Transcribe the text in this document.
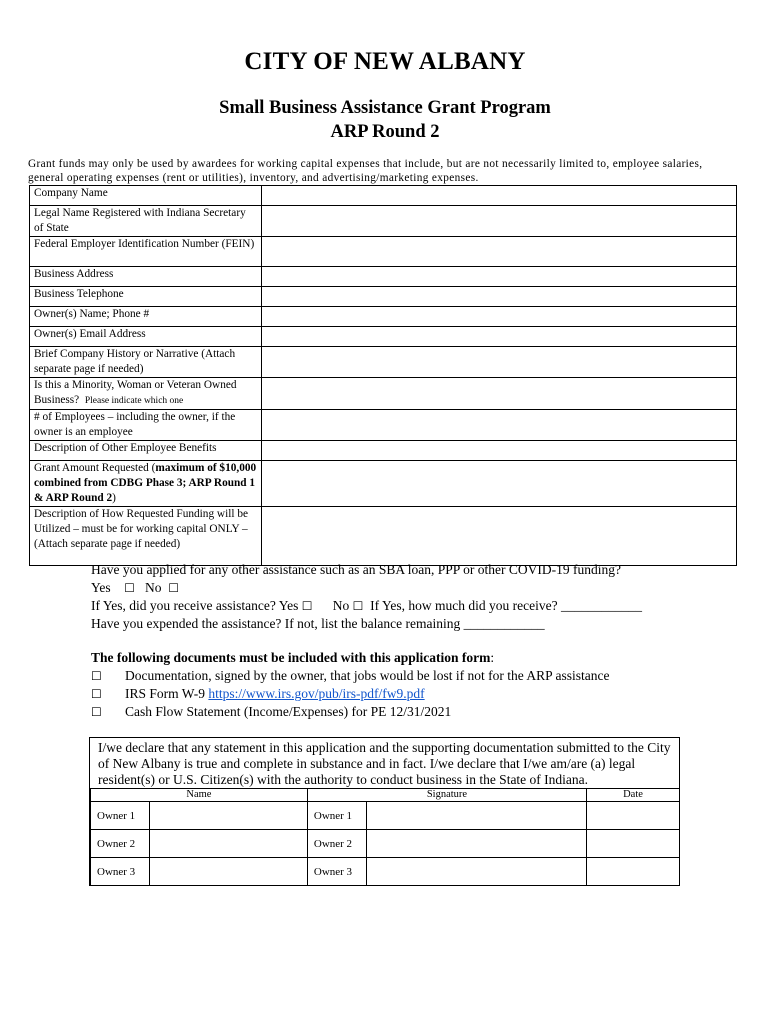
CITY OF NEW ALBANY
Small Business Assistance Grant Program
ARP Round 2
Grant funds may only be used by awardees for working capital expenses that include, but are not necessarily limited to, employee salaries, general operating expenses (rent or utilities), inventory, and advertising/marketing expenses.
Company Name	
Legal Name Registered with Indiana Secretary of State	
Federal Employer Identification Number (FEIN)	
Business Address	
Business Telephone	
Owner(s) Name; Phone #	
Owner(s) Email Address	
Brief Company History or Narrative (Attach separate page if needed)	
Is this a Minority, Woman or Veteran Owned Business? Please indicate which one	
# of Employees – including the owner, if the owner is an employee	
Description of Other Employee Benefits	
Grant Amount Requested (maximum of $10,000 combined from CDBG Phase 3; ARP Round 1 & ARP Round 2)	
Description of How Requested Funding will be Utilized – must be for working capital ONLY – (Attach separate page if needed)	
Have you applied for any other assistance such as an SBA loan, PPP or other COVID-19 funding?
Yes ☐ No ☐
If Yes, did you receive assistance? Yes ☐ No ☐ If Yes, how much did you receive? ____________
Have you expended the assistance? If not, list the balance remaining ____________
The following documents must be included with this application form:
☐ Documentation, signed by the owner, that jobs would be lost if not for the ARP assistance
☐ IRS Form W-9 https://www.irs.gov/pub/irs-pdf/fw9.pdf
☐ Cash Flow Statement (Income/Expenses) for PE 12/31/2021
I/we declare that any statement in this application and the supporting documentation submitted to the City of New Albany is true and complete in substance and in fact. I/we declare that I/we am/are (a) legal resident(s) or U.S. Citizen(s) with the authority to conduct business in the State of Indiana.
Name		Signature		Date
Owner 1		Owner 1		
Owner 2		Owner 2		
Owner 3		Owner 3		
